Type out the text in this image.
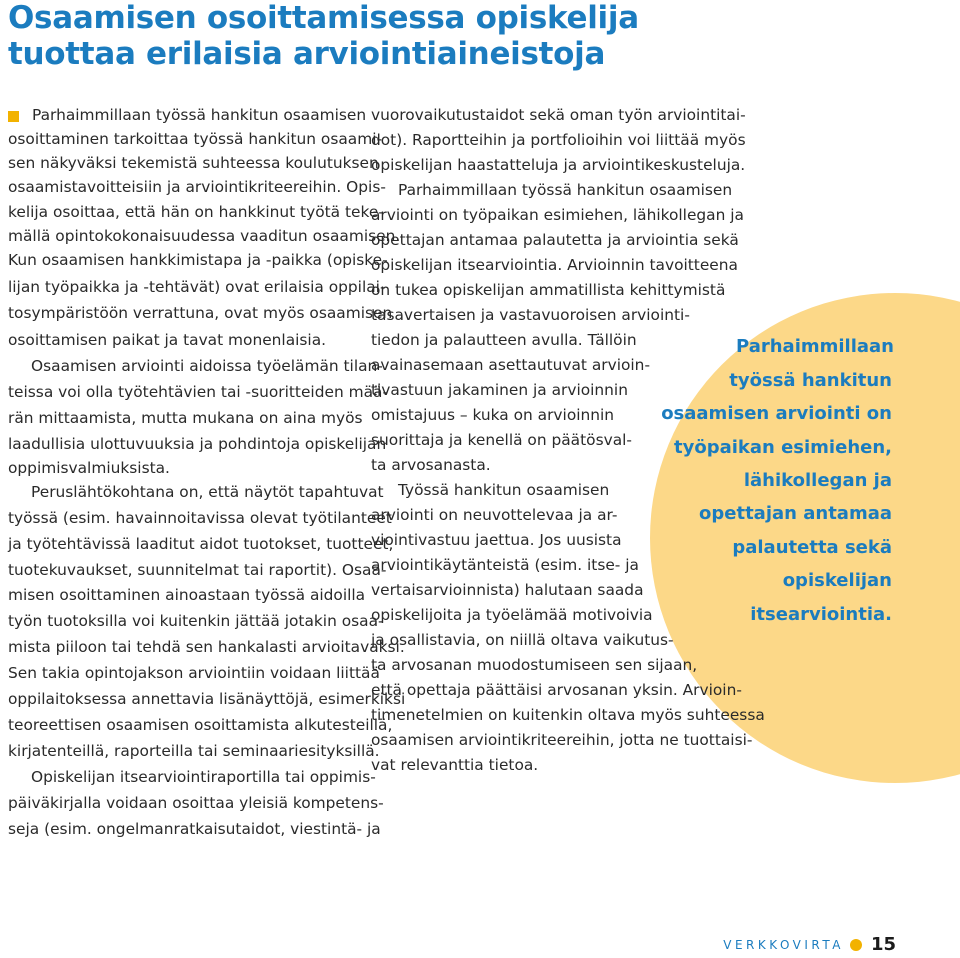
Osaamisen osoittamisessa opiskelija
tuottaa erilaisia arviointiaineistoja
Parhaimmillaan työssä hankitun osaamisen
osoittaminen tarkoittaa työssä hankitun osaami-
sen näkyväksi tekemistä suhteessa koulutuksen
osaamistavoitteisiin ja arviointikriteereihin. Opis-
kelija osoittaa, että hän on hankkinut työtä teke-
mällä opintokokonaisuudessa vaaditun osaamisen.
Kun osaamisen hankkimistapa ja -paikka (opiske-
lijan työpaikka ja -tehtävät) ovat erilaisia oppilai-
tosympäristöön verrattuna, ovat myös osaamisen
osoittamisen paikat ja tavat monenlaisia.
Osaamisen arviointi aidoissa työelämän tilan-
teissa voi olla työtehtävien tai -suoritteiden mää-
rän mittaamista, mutta mukana on aina myös
laadullisia ulottuvuuksia ja pohdintoja opiskelijan
oppimisvalmiuksista.
Peruslähtökohtana on, että näytöt tapahtuvat
työssä (esim. havainnoitavissa olevat työtilanteet
ja työtehtävissä laaditut aidot tuotokset, tuotteet,
tuotekuvaukset, suunnitelmat tai raportit). Osaa-
misen osoittaminen ainoastaan työssä aidoilla
työn tuotoksilla voi kuitenkin jättää jotakin osaa-
mista piiloon tai tehdä sen hankalasti arvioitavaksi.
Sen takia opintojakson arviointiin voidaan liittää
oppilaitoksessa annettavia lisänäyttöjä, esimerkiksi
teoreettisen osaamisen osoittamista alkutesteillä,
kirjatenteillä, raporteilla tai seminaariesityksillä.
Opiskelijan itsearviointiraportilla tai oppimis-
päiväkirjalla voidaan osoittaa yleisiä kompetens-
seja (esim. ongelmanratkaisutaidot, viestintä- ja
vuorovaikutustaidot sekä oman työn arviointitai-
dot). Raportteihin ja portfolioihin voi liittää myös
opiskelijan haastatteluja ja arviointikeskusteluja.
Parhaimmillaan työssä hankitun osaamisen
arviointi on työpaikan esimiehen, lähikollegan ja
opettajan antamaa palautetta ja arviointia sekä
opiskelijan itsearviointia. Arvioinnin tavoitteena
on tukea opiskelijan ammatillista kehittymistä
tasavertaisen ja vastavuoroisen arviointi-
tiedon ja palautteen avulla. Tällöin
avainasemaan asettautuvat arvioin-
tivastuun jakaminen ja arvioinnin
omistajuus – kuka on arvioinnin
suorittaja ja kenellä on päätösval-
ta arvosanasta.
Työssä hankitun osaamisen
arviointi on neuvottelevaa ja ar-
viointivastuu jaettua. Jos uusista
arviointikäytänteistä (esim. itse- ja
vertaisarvioinnista) halutaan saada
opiskelijoita ja työelämää motivoivia
ja osallistavia, on niillä oltava vaikutus-
ta arvosanan muodostumiseen sen sijaan,
että opettaja päättäisi arvosanan yksin. Arvioin-
timenetelmien on kuitenkin oltava myös suhteessa
osaamisen arviointikriteereihin, jotta ne tuottaisi-
vat relevanttia tietoa.
Parhaimmillaan
työssä hankitun
osaamisen arviointi on
työpaikan esimiehen,
lähikollegan ja
opettajan antamaa
palautetta sekä
opiskelijan
itsearviointia.
VERKKOVIRTA 15
